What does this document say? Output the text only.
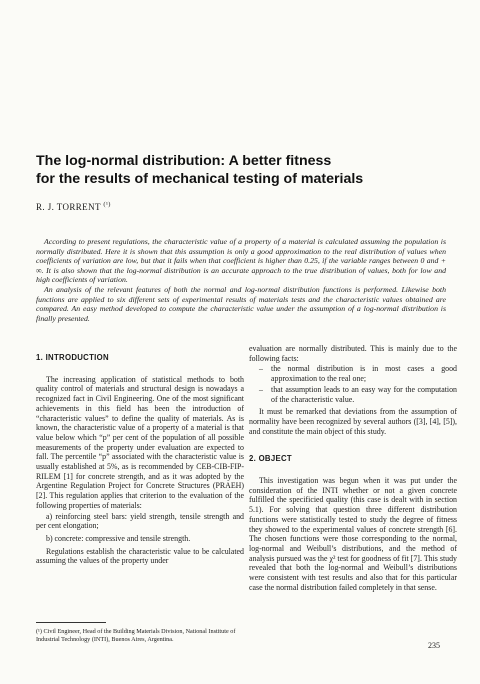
The log-normal distribution: A better fitness
for the results of mechanical testing of materials
R. J. TORRENT $^{(^1)}$

According to present regulations, the characteristic value of a property of a material is calculated assuming the population is normally distributed. Here it is shown that this assumption is only a good approximation to the real distribution of values when coefficients of variation are low, but that it fails when that coefficient is higher than 0.25, if the variable ranges between 0 and + ∞. It is also shown that the log-normal distribution is an accurate approach to the true distribution of values, both for low and high coefficients of variation.

An analysis of the relevant features of both the normal and log-normal distribution functions is performed. Likewise both functions are applied to six different sets of experimental results of materials tests and the characteristic values obtained are compared. An easy method developed to compute the characteristic value under the assumption of a log-normal distribution is finally presented.

1. INTRODUCTION

The increasing application of statistical methods to both quality control of materials and structural design is nowadays a recognized fact in Civil Engineering. One of the most significant achievements in this field has been the introduction of “characteristic values” to define the quality of materials. As is known, the characteristic value of a property of a material is that value below which “p” per cent of the population of all possible measurements of the property under evaluation are expected to fall. The percentile “p” associated with the characteristic value is usually established at 5%, as is recommended by CEB-CIB-FIP-RILEM [1] for concrete strength, and as it was adopted by the Argentine Regulation Project for Concrete Structures (PRAEH) [2]. This regulation applies that criterion to the evaluation of the following properties of materials:

a) reinforcing steel bars: yield strength, tensile strength and per cent elongation;

b) concrete: compressive and tensile strength.

Regulations establish the characteristic value to be calculated assuming the values of the property under

evaluation are normally distributed. This is mainly due to the following facts:

– the normal distribution is in most cases a good approximation to the real one;

– that assumption leads to an easy way for the computation of the characteristic value.

It must be remarked that deviations from the assumption of normality have been recognized by several authors ([3], [4], [5]), and constitute the main object of this study.

2. OBJECT

This investigation was begun when it was put under the consideration of the INTI whether or not a given concrete fulfilled the specificied quality (this case is dealt with in section 5.1). For solving that question three different distribution functions were statistically tested to study the degree of fitness they showed to the experimental values of concrete strength [6]. The chosen functions were those corresponding to the normal, log-normal and Weibull’s distributions, and the method of analysis pursued was the χ² test for goodness of fit [7]. This study revealed that both the log-normal and Weibull’s distributions were consistent with test results and also that for this particular case the normal distribution failed completely in that sense.

(¹) Civil Engineer, Head of the Building Materials Division, National Institute of Industrial Technology (INTI), Buenos Aires, Argentina.
235
